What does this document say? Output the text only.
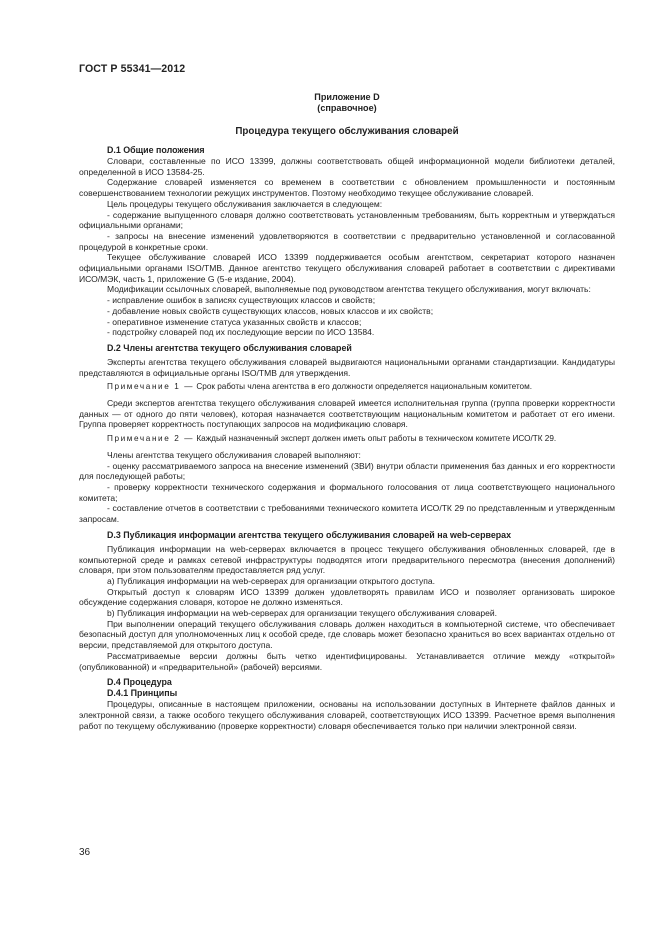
ГОСТ Р 55341—2012
Приложение D
(справочное)
Процедура текущего обслуживания словарей
D.1 Общие положения

Словари, составленные по ИСО 13399, должны соответствовать общей информационной модели библиотеки деталей, определенной в ИСО 13584-25.

Содержание словарей изменяется со временем в соответствии с обновлением промышленности и постоянным совершенствованием технологии режущих инструментов. Поэтому необходимо текущее обслуживание словарей.

Цель процедуры текущего обслуживания заключается в следующем:

- содержание выпущенного словаря должно соответствовать установленным требованиям, быть корректным и утверждаться официальными органами;

- запросы на внесение изменений удовлетворяются в соответствии с предварительно установленной и согласованной процедурой в конкретные сроки.

Текущее обслуживание словарей ИСО 13399 поддерживается особым агентством, секретариат которого назначен официальными органами ISO/TMB. Данное агентство текущего обслуживания словарей работает в соответствии с директивами ИСО/МЭК, часть 1, приложение G (5-е издание, 2004).

Модификации ссылочных словарей, выполняемые под руководством агентства текущего обслуживания, могут включать:

- исправление ошибок в записях существующих классов и свойств;

- добавление новых свойств существующих классов, новых классов и их свойств;

- оперативное изменение статуса указанных свойств и классов;

- подстройку словарей под их последующие версии по ИСО 13584.

D.2 Члены агентства текущего обслуживания словарей

Эксперты агентства текущего обслуживания словарей выдвигаются национальными органами стандартизации. Кандидатуры представляются в официальные органы ISO/TMB для утверждения.

Примечание 1 — Срок работы члена агентства в его должности определяется национальным комитетом.

Среди экспертов агентства текущего обслуживания словарей имеется исполнительная группа (группа проверки корректности данных — от одного до пяти человек), которая назначается соответствующим национальным комитетом и работает от его имени. Группа проверяет корректность поступающих запросов на модификацию словаря.

Примечание 2 — Каждый назначенный эксперт должен иметь опыт работы в техническом комитете ИСО/ТК 29.

Члены агентства текущего обслуживания словарей выполняют:

- оценку рассматриваемого запроса на внесение изменений (ЗВИ) внутри области применения баз данных и его корректности для последующей работы;

- проверку корректности технического содержания и формального голосования от лица соответствующего национального комитета;

- составление отчетов в соответствии с требованиями технического комитета ИСО/ТК 29 по представленным и утвержденным запросам.

D.3 Публикация информации агентства текущего обслуживания словарей на web-серверах

Публикация информации на web-серверах включается в процесс текущего обслуживания обновленных словарей, где в компьютерной среде и рамках сетевой инфраструктуры подводятся итоги предварительного пересмотра (внесения дополнений) словаря, при этом пользователям предоставляется ряд услуг.

a) Публикация информации на web-серверах для организации открытого доступа.

Открытый доступ к словарям ИСО 13399 должен удовлетворять правилам ИСО и позволяет организовать широкое обсуждение содержания словаря, которое не должно изменяться.

b) Публикация информации на web-серверах для организации текущего обслуживания словарей.

При выполнении операций текущего обслуживания словарь должен находиться в компьютерной системе, что обеспечивает безопасный доступ для уполномоченных лиц к особой среде, где словарь может безопасно храниться во всех вариантах отдельно от версии, представляемой для открытого доступа.

Рассматриваемые версии должны быть четко идентифицированы. Устанавливается отличие между «открытой» (опубликованной) и «предварительной» (рабочей) версиями.

D.4 Процедура
D.4.1 Принципы

Процедуры, описанные в настоящем приложении, основаны на использовании доступных в Интернете файлов данных и электронной связи, а также особого текущего обслуживания словарей, соответствующих ИСО 13399. Расчетное время выполнения работ по текущему обслуживанию (проверке корректности) словаря обеспечивается только при наличии электронной связи.

36
